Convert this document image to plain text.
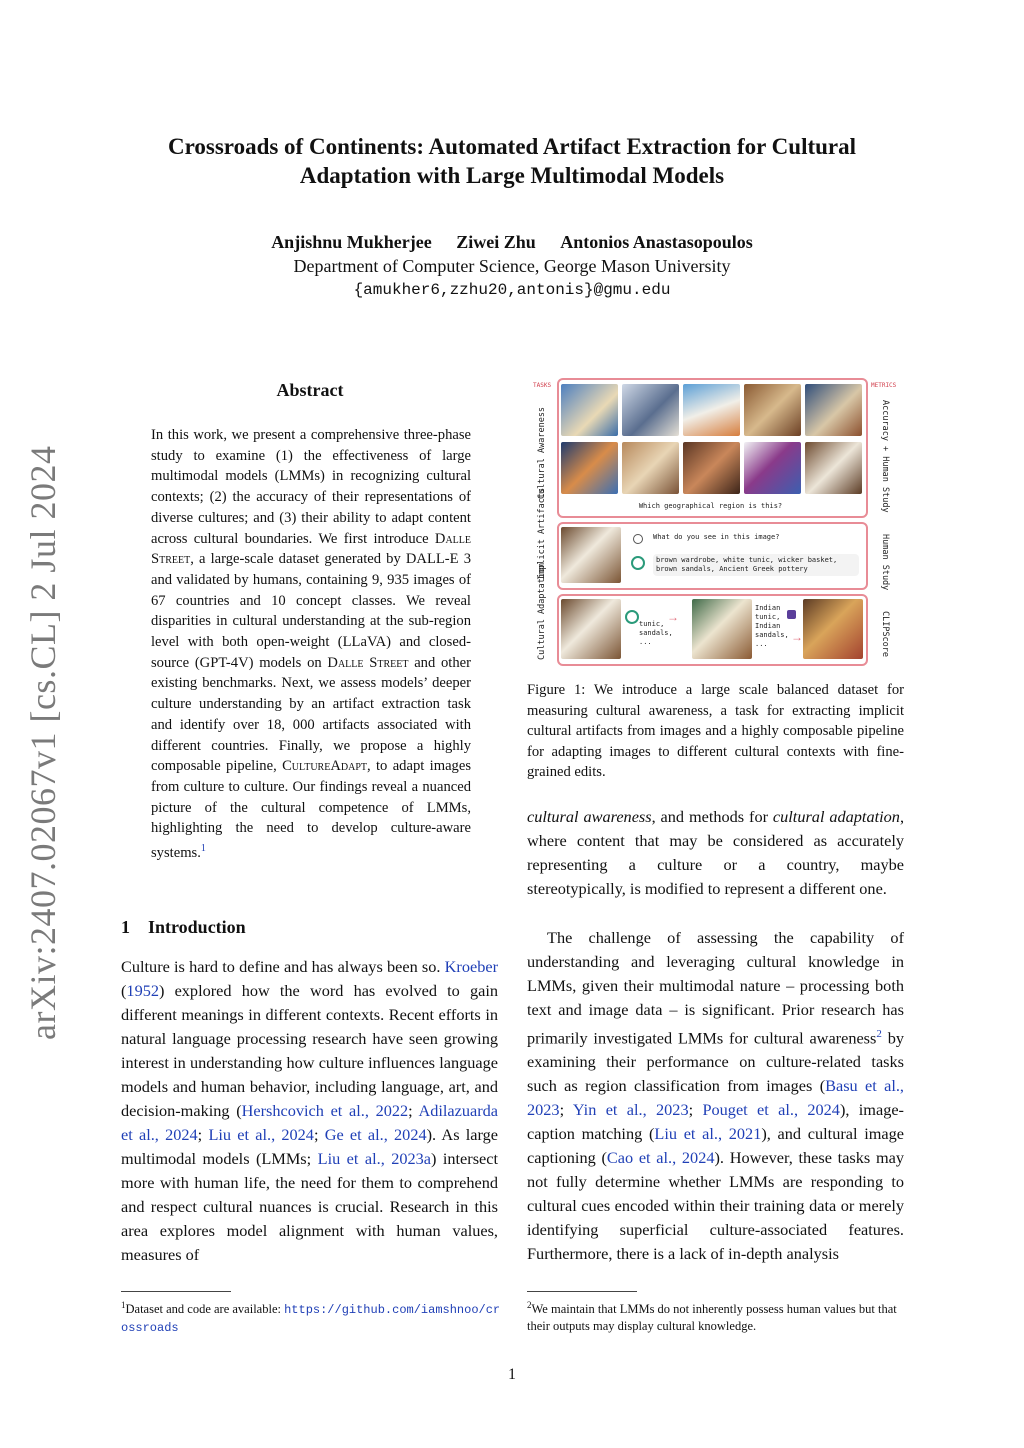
arXiv:2407.02067v1 [cs.CL] 2 Jul 2024
Crossroads of Continents: Automated Artifact Extraction for Cultural
Adaptation with Large Multimodal Models
Anjishnu Mukherjee Ziwei Zhu Antonios Anastasopoulos
Department of Computer Science, George Mason University
{amukher6,zzhu20,antonis}@gmu.edu
Abstract
In this work, we present a comprehensive three-phase study to examine (1) the effectiveness of large multimodal models (LMMs) in recognizing cultural contexts; (2) the accuracy of their representations of diverse cultures; and (3) their ability to adapt content across cultural boundaries. We first introduce Dalle Street, a large-scale dataset generated by DALL-E 3 and validated by humans, containing 9, 935 images of 67 countries and 10 concept classes. We reveal disparities in cultural understanding at the sub-region level with both open-weight (LLaVA) and closed-source (GPT-4V) models on Dalle Street and other existing benchmarks. Next, we assess models’ deeper culture understanding by an artifact extraction task and identify over 18, 000 artifacts associated with different countries. Finally, we propose a highly composable pipeline, CultureAdapt, to adapt images from culture to culture. Our findings reveal a nuanced picture of the cultural competence of LMMs, highlighting the need to develop culture-aware systems.$^1$
1 Introduction
Culture is hard to define and has always been so. Kroeber (1952) explored how the word has evolved to gain different meanings in different contexts. Recent efforts in natural language processing research have seen growing interest in understanding how culture influences language models and human behavior, including language, art, and decision-making (Hershcovich et al., 2022; Adilazuarda et al., 2024; Liu et al., 2024; Ge et al., 2024). As large multimodal models (LMMs; Liu et al., 2023a) intersect more with human life, the need for them to comprehend and respect cultural nuances is crucial. Research in this area explores model alignment with human values, measures of
$^1$Dataset and code are available: https://github.com/iamshnoo/crossroads
TASKS	METRICS
Cultural Awareness
Which geographical region is this?	Accuracy + Human Study
Implicit Artifacts	What do you see in this image?
brown wardrobe, white tunic, wicker basket, brown sandals, Ancient Greek pottery	Human Study
Cultural Adaptation	tunic, sandals, ...
→
Indian tunic, Indian sandals, ...	→	CLIPScore
Figure 1: We introduce a large scale balanced dataset for measuring cultural awareness, a task for extracting implicit cultural artifacts from images and a highly composable pipeline for adapting images to different cultural contexts with fine-grained edits.
cultural awareness, and methods for cultural adaptation, where content that may be considered as accurately representing a culture or a country, maybe stereotypically, is modified to represent a different one.
The challenge of assessing the capability of understanding and leveraging cultural knowledge in LMMs, given their multimodal nature – processing both text and image data – is significant. Prior research has primarily investigated LMMs for cultural awareness$^2$ by examining their performance on culture-related tasks such as region classification from images (Basu et al., 2023; Yin et al., 2023; Pouget et al., 2024), image-caption matching (Liu et al., 2021), and cultural image captioning (Cao et al., 2024). However, these tasks may not fully determine whether LMMs are responding to cultural cues encoded within their training data or merely identifying superficial culture-associated features. Furthermore, there is a lack of in-depth analysis
$^2$We maintain that LMMs do not inherently possess human values but that their outputs may display cultural knowledge.
1
